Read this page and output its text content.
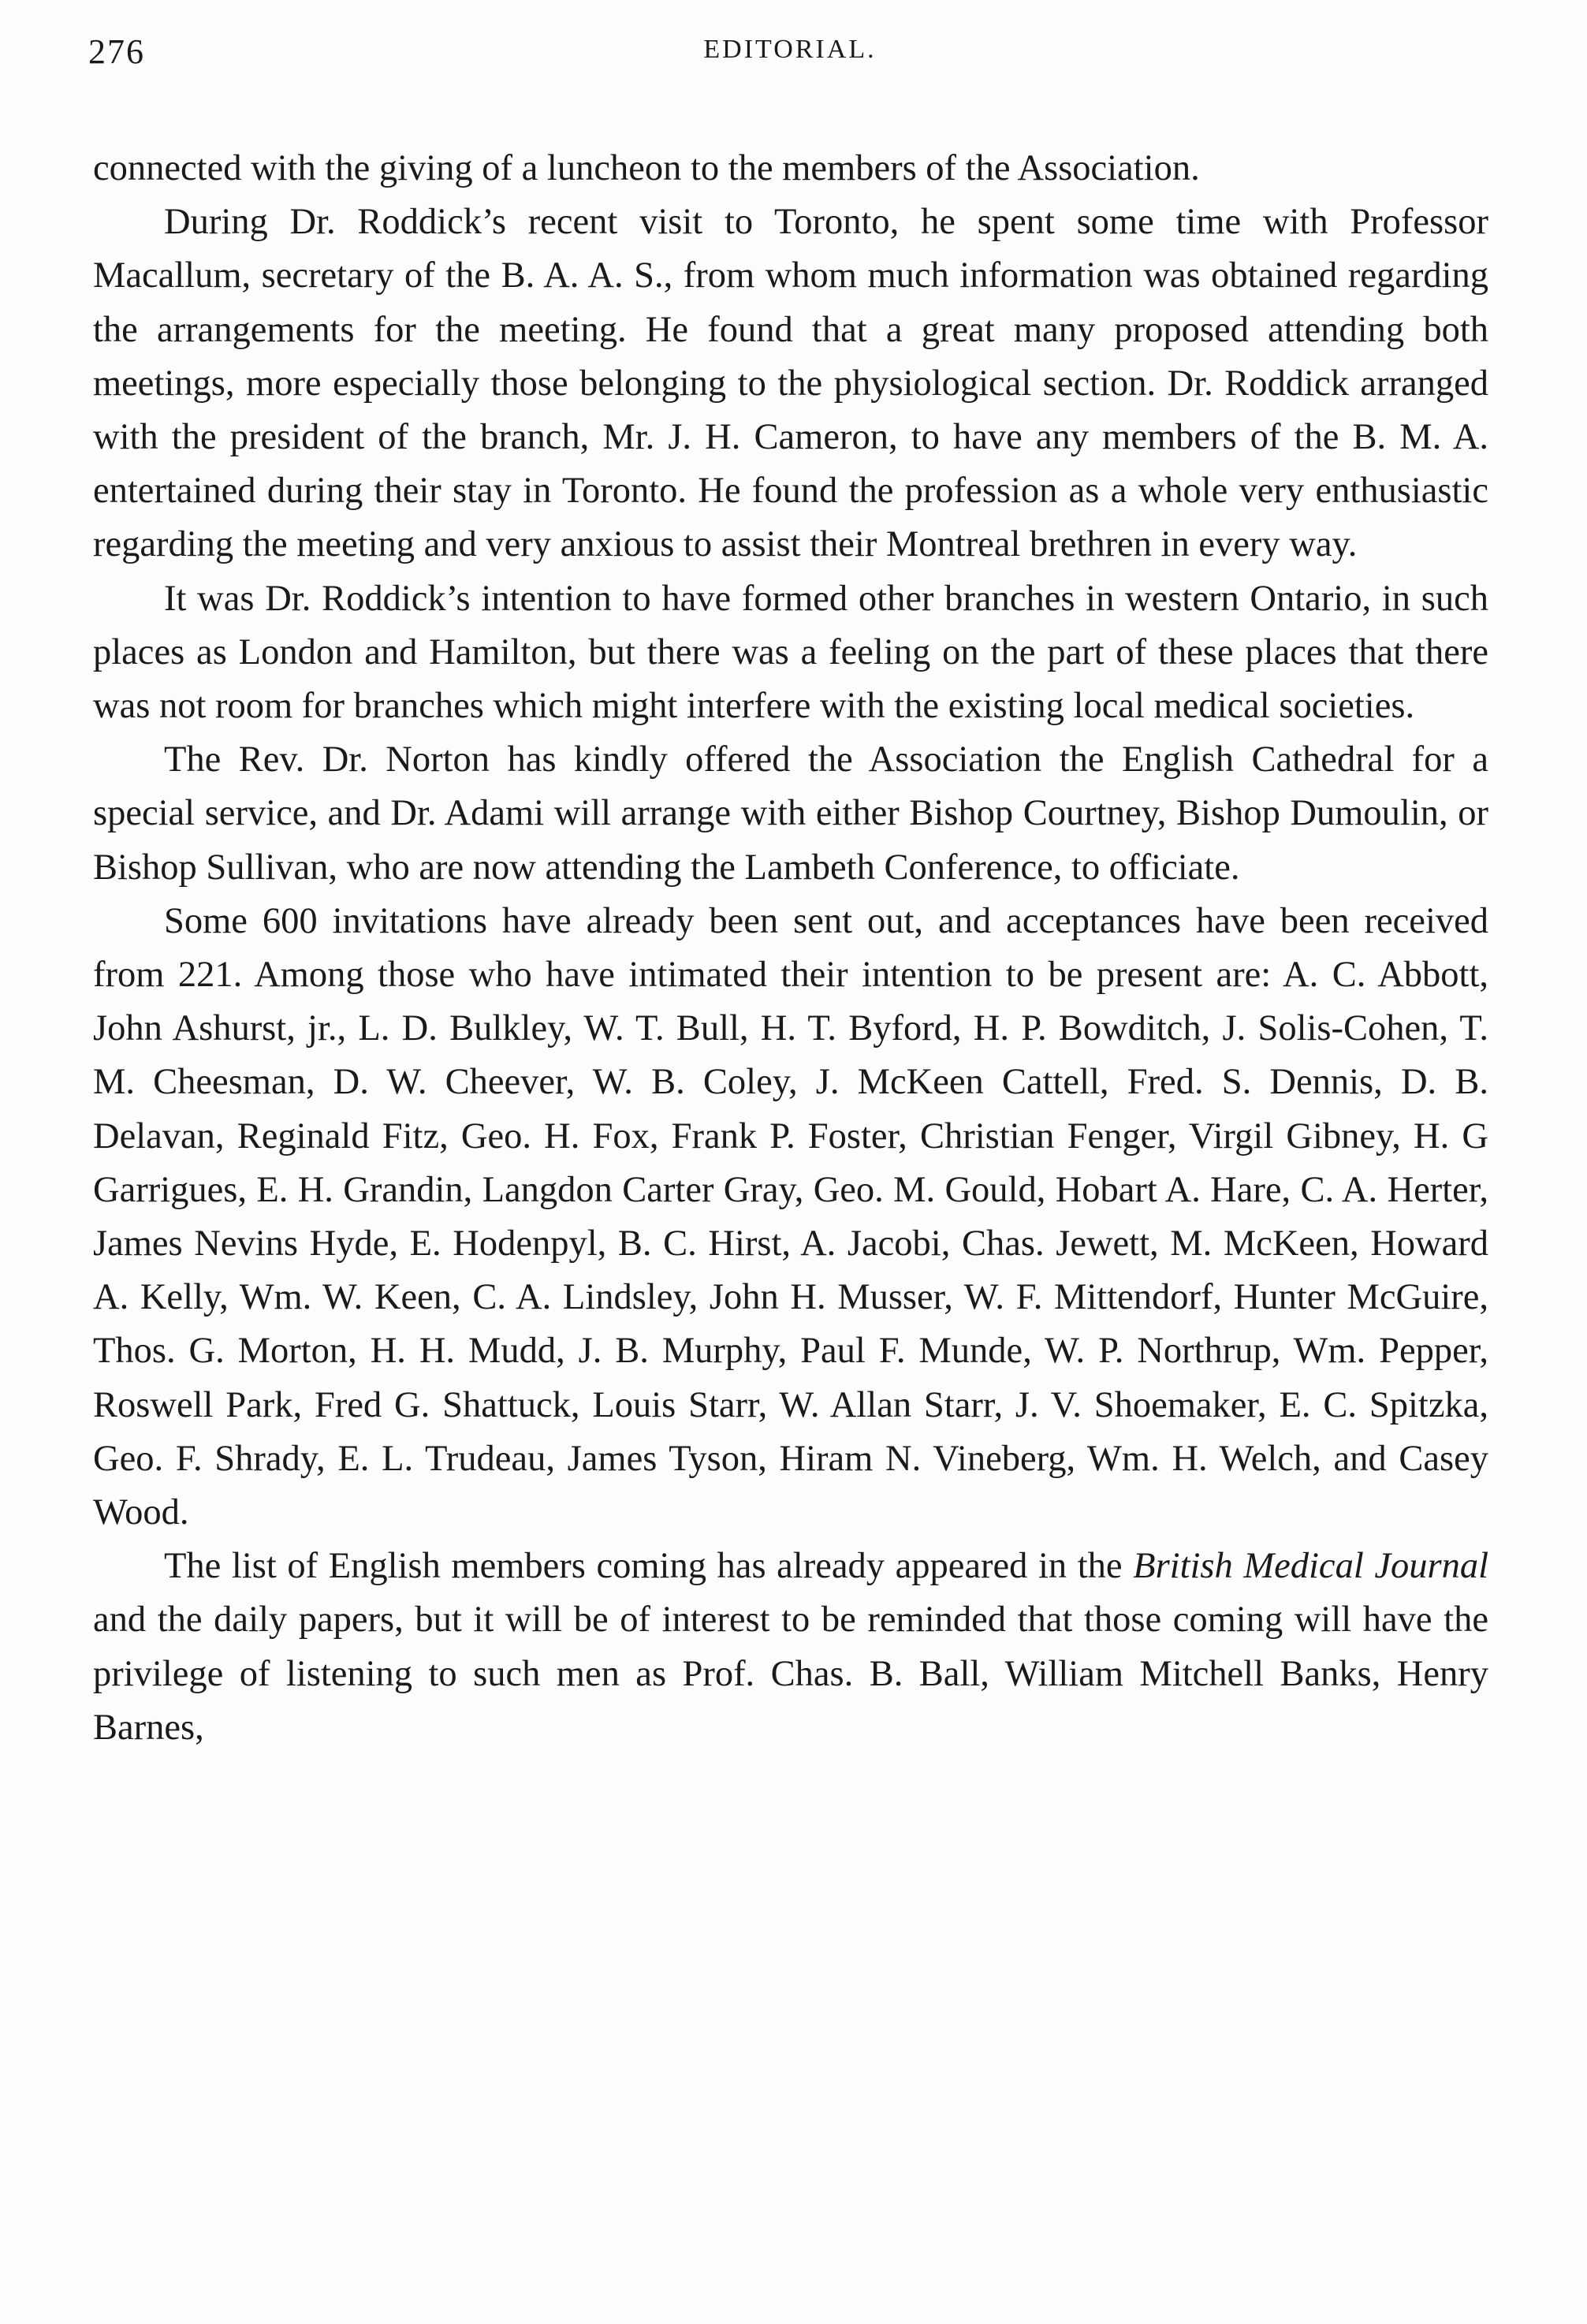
276	EDITORIAL.

connected with the giving of a luncheon to the members of the Association.

During Dr. Roddick’s recent visit to Toronto, he spent some time with Professor Macallum, secretary of the B. A. A. S., from whom much information was obtained regarding the arrangements for the meeting. He found that a great many proposed attending both meetings, more especially those belonging to the physiological section. Dr. Roddick arranged with the president of the branch, Mr. J. H. Cameron, to have any members of the B. M. A. entertained during their stay in Toronto. He found the profession as a whole very enthusiastic regarding the meeting and very anxious to assist their Montreal brethren in every way.

It was Dr. Roddick’s intention to have formed other branches in western Ontario, in such places as London and Hamilton, but there was a feeling on the part of these places that there was not room for branches which might interfere with the existing local medical societies.

The Rev. Dr. Norton has kindly offered the Association the English Cathedral for a special service, and Dr. Adami will arrange with either Bishop Courtney, Bishop Dumoulin, or Bishop Sullivan, who are now attending the Lambeth Conference, to officiate.

Some 600 invitations have already been sent out, and acceptances have been received from 221. Among those who have intimated their intention to be present are: A. C. Abbott, John Ashurst, jr., L. D. Bulkley, W. T. Bull, H. T. Byford, H. P. Bowditch, J. Solis-Cohen, T. M. Cheesman, D. W. Cheever, W. B. Coley, J. McKeen Cattell, Fred. S. Dennis, D. B. Delavan, Reginald Fitz, Geo. H. Fox, Frank P. Foster, Christian Fenger, Virgil Gibney, H. G Garrigues, E. H. Grandin, Langdon Carter Gray, Geo. M. Gould, Hobart A. Hare, C. A. Herter, James Nevins Hyde, E. Hodenpyl, B. C. Hirst, A. Jacobi, Chas. Jewett, M. McKeen, Howard A. Kelly, Wm. W. Keen, C. A. Lindsley, John H. Musser, W. F. Mittendorf, Hunter McGuire, Thos. G. Morton, H. H. Mudd, J. B. Murphy, Paul F. Munde, W. P. Northrup, Wm. Pepper, Roswell Park, Fred G. Shattuck, Louis Starr, W. Allan Starr, J. V. Shoemaker, E. C. Spitzka, Geo. F. Shrady, E. L. Trudeau, James Tyson, Hiram N. Vineberg, Wm. H. Welch, and Casey Wood.

The list of English members coming has already appeared in the British Medical Journal and the daily papers, but it will be of interest to be reminded that those coming will have the privilege of listening to such men as Prof. Chas. B. Ball, William Mitchell Banks, Henry Barnes,
